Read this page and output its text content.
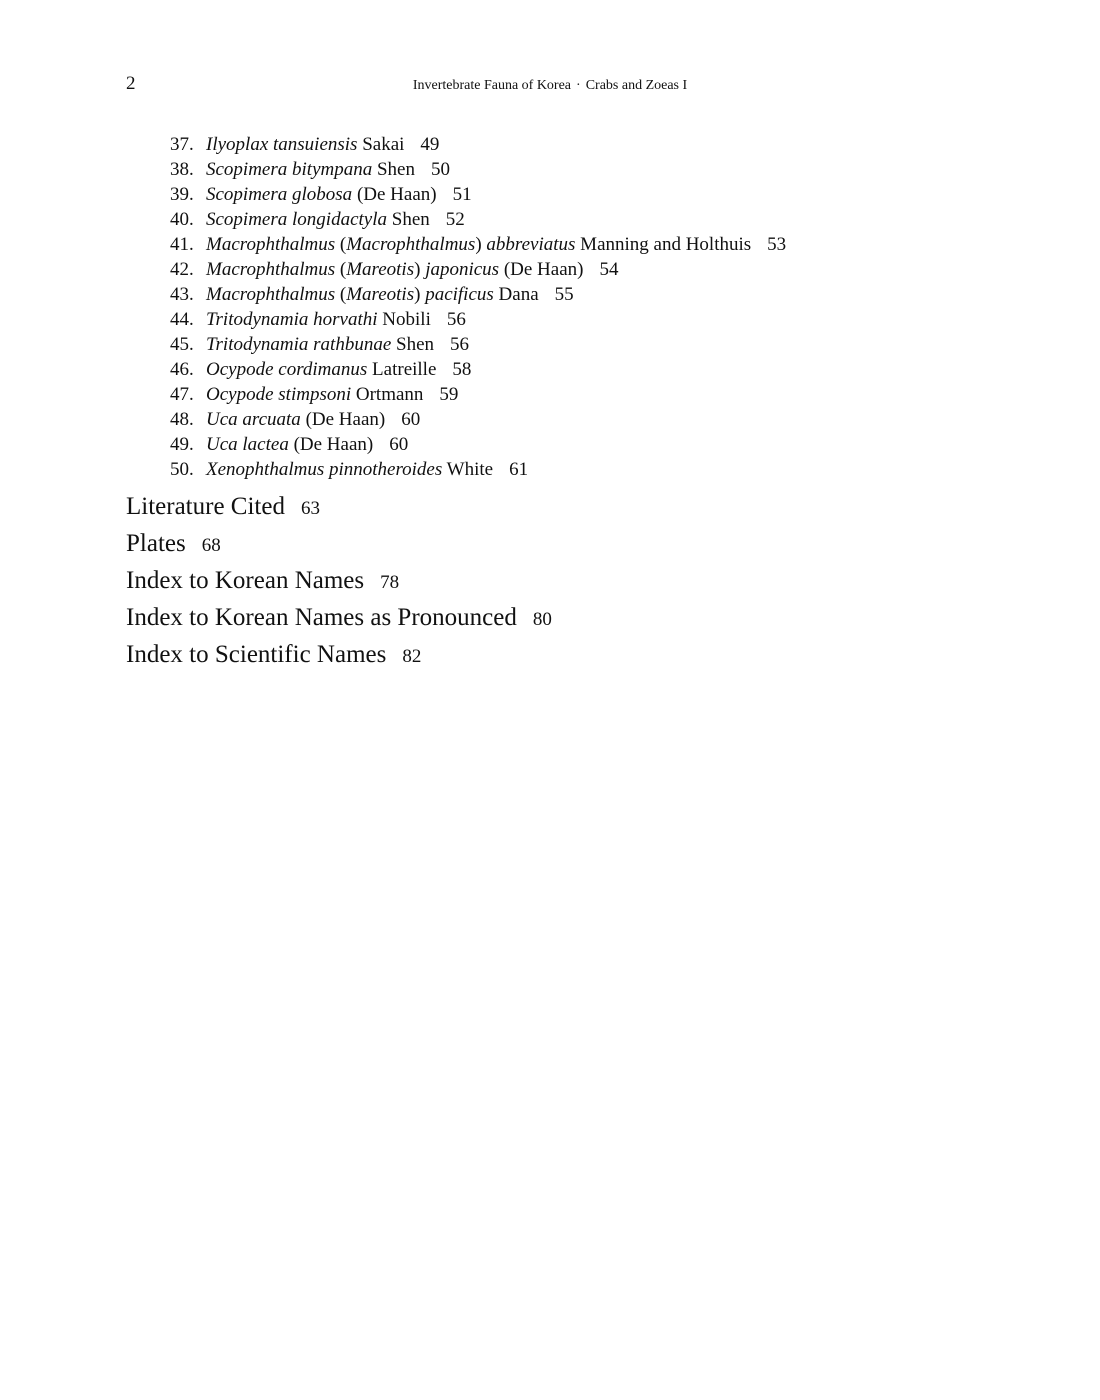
2	Invertebrate Fauna of Korea · Crabs and Zoeas I
37. Ilyoplax tansuiensis Sakai 49
38. Scopimera bitympana Shen 50
39. Scopimera globosa (De Haan) 51
40. Scopimera longidactyla Shen 52
41. Macrophthalmus (Macrophthalmus) abbreviatus Manning and Holthuis 53
42. Macrophthalmus (Mareotis) japonicus (De Haan) 54
43. Macrophthalmus (Mareotis) pacificus Dana 55
44. Tritodynamia horvathi Nobili 56
45. Tritodynamia rathbunae Shen 56
46. Ocypode cordimanus Latreille 58
47. Ocypode stimpsoni Ortmann 59
48. Uca arcuata (De Haan) 60
49. Uca lactea (De Haan) 60
50. Xenophthalmus pinnotheroides White 61
Literature Cited 63
Plates 68
Index to Korean Names 78
Index to Korean Names as Pronounced 80
Index to Scientific Names 82
